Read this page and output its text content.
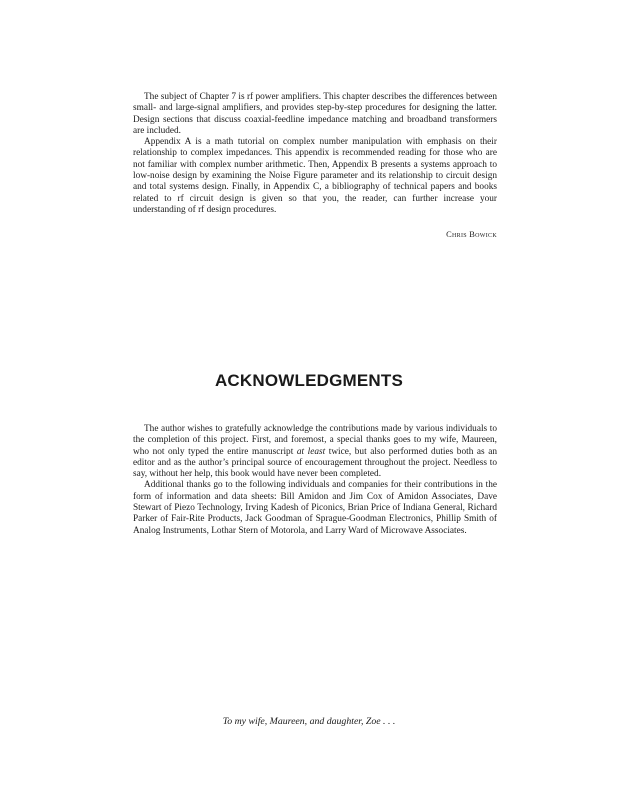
The subject of Chapter 7 is rf power amplifiers. This chapter describes the differences between small- and large-signal amplifiers, and provides step-by-step procedures for designing the latter. Design sections that discuss coaxial-feedline impedance matching and broadband transformers are included.

Appendix A is a math tutorial on complex number manipulation with emphasis on their relationship to complex impedances. This appendix is recommended reading for those who are not familiar with complex number arithmetic. Then, Appendix B presents a systems approach to low-noise design by examining the Noise Figure parameter and its relationship to circuit design and total systems design. Finally, in Appendix C, a bibliography of technical papers and books related to rf circuit design is given so that you, the reader, can further increase your understanding of rf design procedures.

Chris Bowick
ACKNOWLEDGMENTS

The author wishes to gratefully acknowledge the contributions made by various individuals to the completion of this project. First, and foremost, a special thanks goes to my wife, Maureen, who not only typed the entire manuscript at least twice, but also performed duties both as an editor and as the author’s principal source of encouragement throughout the project. Needless to say, without her help, this book would have never been completed.

Additional thanks go to the following individuals and companies for their contributions in the form of information and data sheets: Bill Amidon and Jim Cox of Amidon Associates, Dave Stewart of Piezo Technology, Irving Kadesh of Piconics, Brian Price of Indiana General, Richard Parker of Fair-Rite Products, Jack Goodman of Sprague-Goodman Electronics, Phillip Smith of Analog Instruments, Lothar Stern of Motorola, and Larry Ward of Microwave Associates.

To my wife, Maureen, and daughter, Zoe . . .
